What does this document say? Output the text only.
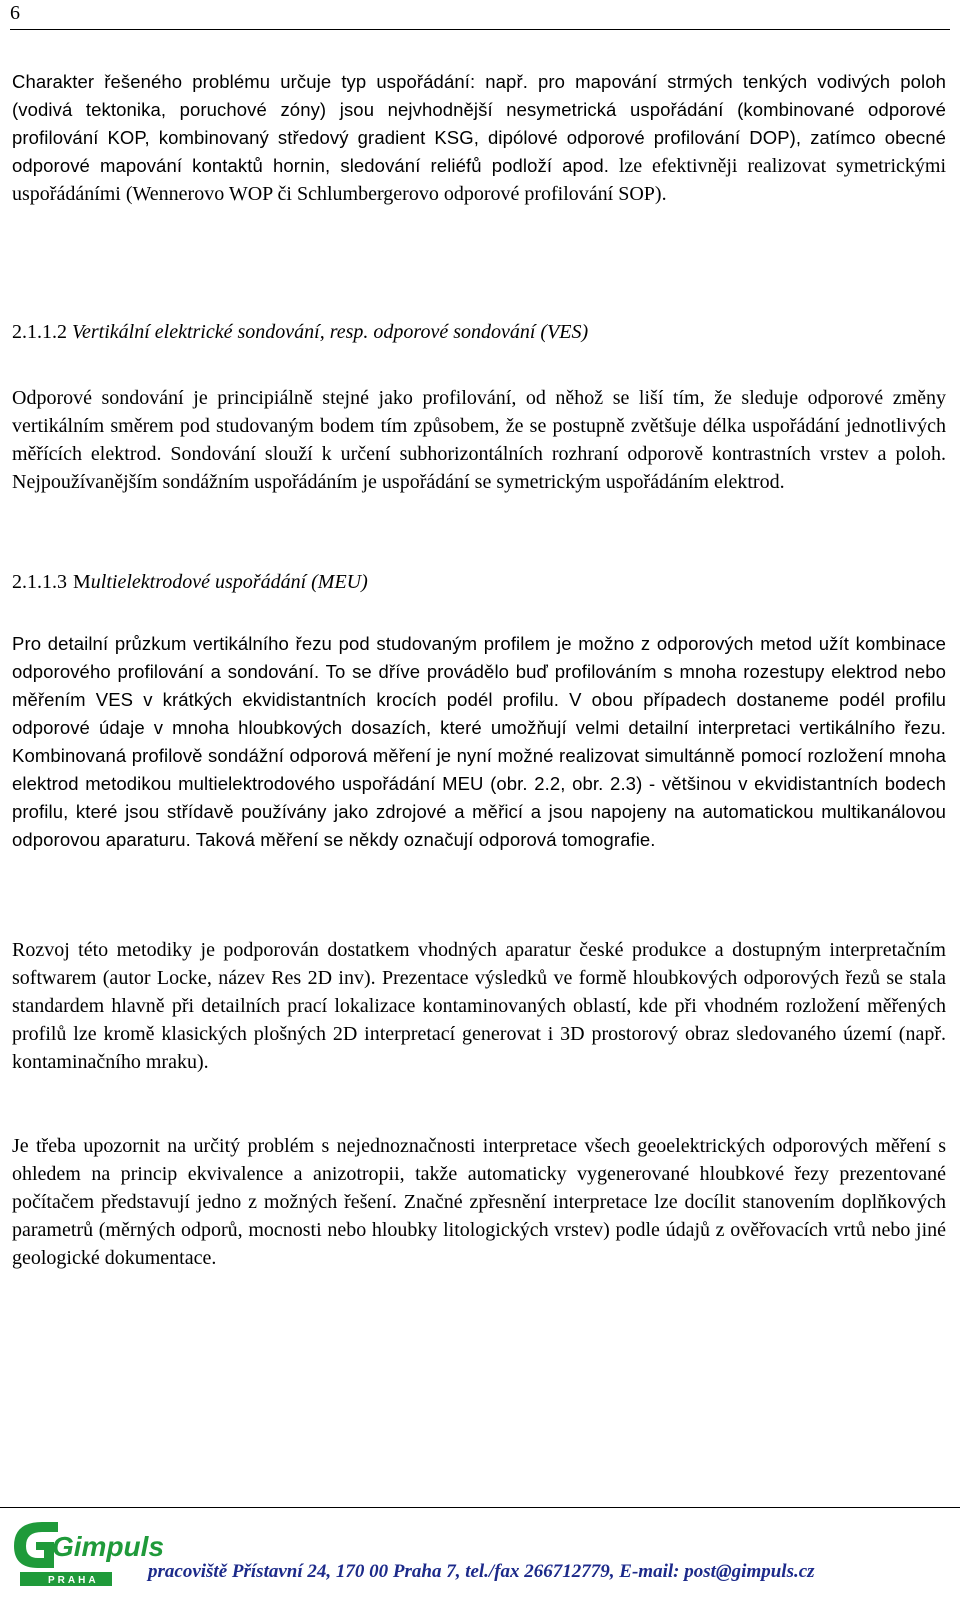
6
Charakter řešeného problému určuje typ uspořádání: např. pro mapování strmých tenkých vodivých poloh (vodivá tektonika, poruchové zóny) jsou nejvhodnější nesymetrická uspořádání (kombinované odporové profilování KOP, kombinovaný středový gradient KSG, dipólové odporové profilování DOP), zatímco obecné odporové mapování kontaktů hornin, sledování reliéfů podloží apod. lze efektivněji realizovat symetrickými uspořádáními (Wennerovo WOP či Schlumbergerovo odporové profilování SOP).
2.1.1.2 Vertikální elektrické sondování, resp. odporové sondování (VES)

Odporové sondování je principiálně stejné jako profilování, od něhož se liší tím, že sleduje odporové změny vertikálním směrem pod studovaným bodem tím způsobem, že se postupně zvětšuje délka uspořádání jednotlivých měřících elektrod. Sondování slouží k určení subhorizontálních rozhraní odporově kontrastních vrstev a poloh. Nejpoužívanějším sondážním uspořádáním je uspořádání se symetrickým uspořádáním elektrod.

2.1.1.3 Multielektrodové uspořádání (MEU)

Pro detailní průzkum vertikálního řezu pod studovaným profilem je možno z odporových metod užít kombinace odporového profilování a sondování. To se dříve provádělo buď profilováním s mnoha rozestupy elektrod nebo měřením VES v krátkých ekvidistantních krocích podél profilu. V obou případech dostaneme podél profilu odporové údaje v mnoha hloubkových dosazích, které umožňují velmi detailní interpretaci vertikálního řezu. Kombinovaná profilově sondážní odporová měření je nyní možné realizovat simultánně pomocí rozložení mnoha elektrod metodikou multielektrodového uspořádání MEU (obr. 2.2, obr. 2.3) - většinou v ekvidistantních bodech profilu, které jsou střídavě používány jako zdrojové a měřicí a jsou napojeny na automatickou multikanálovou odporovou aparaturu. Taková měření se někdy označují odporová tomografie.

Rozvoj této metodiky je podporován dostatkem vhodných aparatur české produkce a dostupným interpretačním softwarem (autor Locke, název Res 2D inv). Prezentace výsledků ve formě hloubkových odporových řezů se stala standardem hlavně při detailních prací lokalizace kontaminovaných oblastí, kde při vhodném rozložení měřených profilů lze kromě klasických plošných 2D interpretací generovat i 3D prostorový obraz sledovaného území (např. kontaminačního mraku).

Je třeba upozornit na určitý problém s nejednoznačnosti interpretace všech geoelektrických odporových měření s ohledem na princip ekvivalence a anizotropii, takže automaticky vygenerované hloubkové řezy prezentované počítačem představují jedno z možných řešení. Značné zpřesnění interpretace lze docílit stanovením doplňkových parametrů (měrných odporů, mocnosti nebo hloubky litologických vrstev) podle údajů z ověřovacích vrtů nebo jiné geologické dokumentace.

Gimpuls
PRAHA	pracoviště Přístavní 24, 170 00 Praha 7, tel./fax 266712779, E-mail: post@gimpuls.cz
